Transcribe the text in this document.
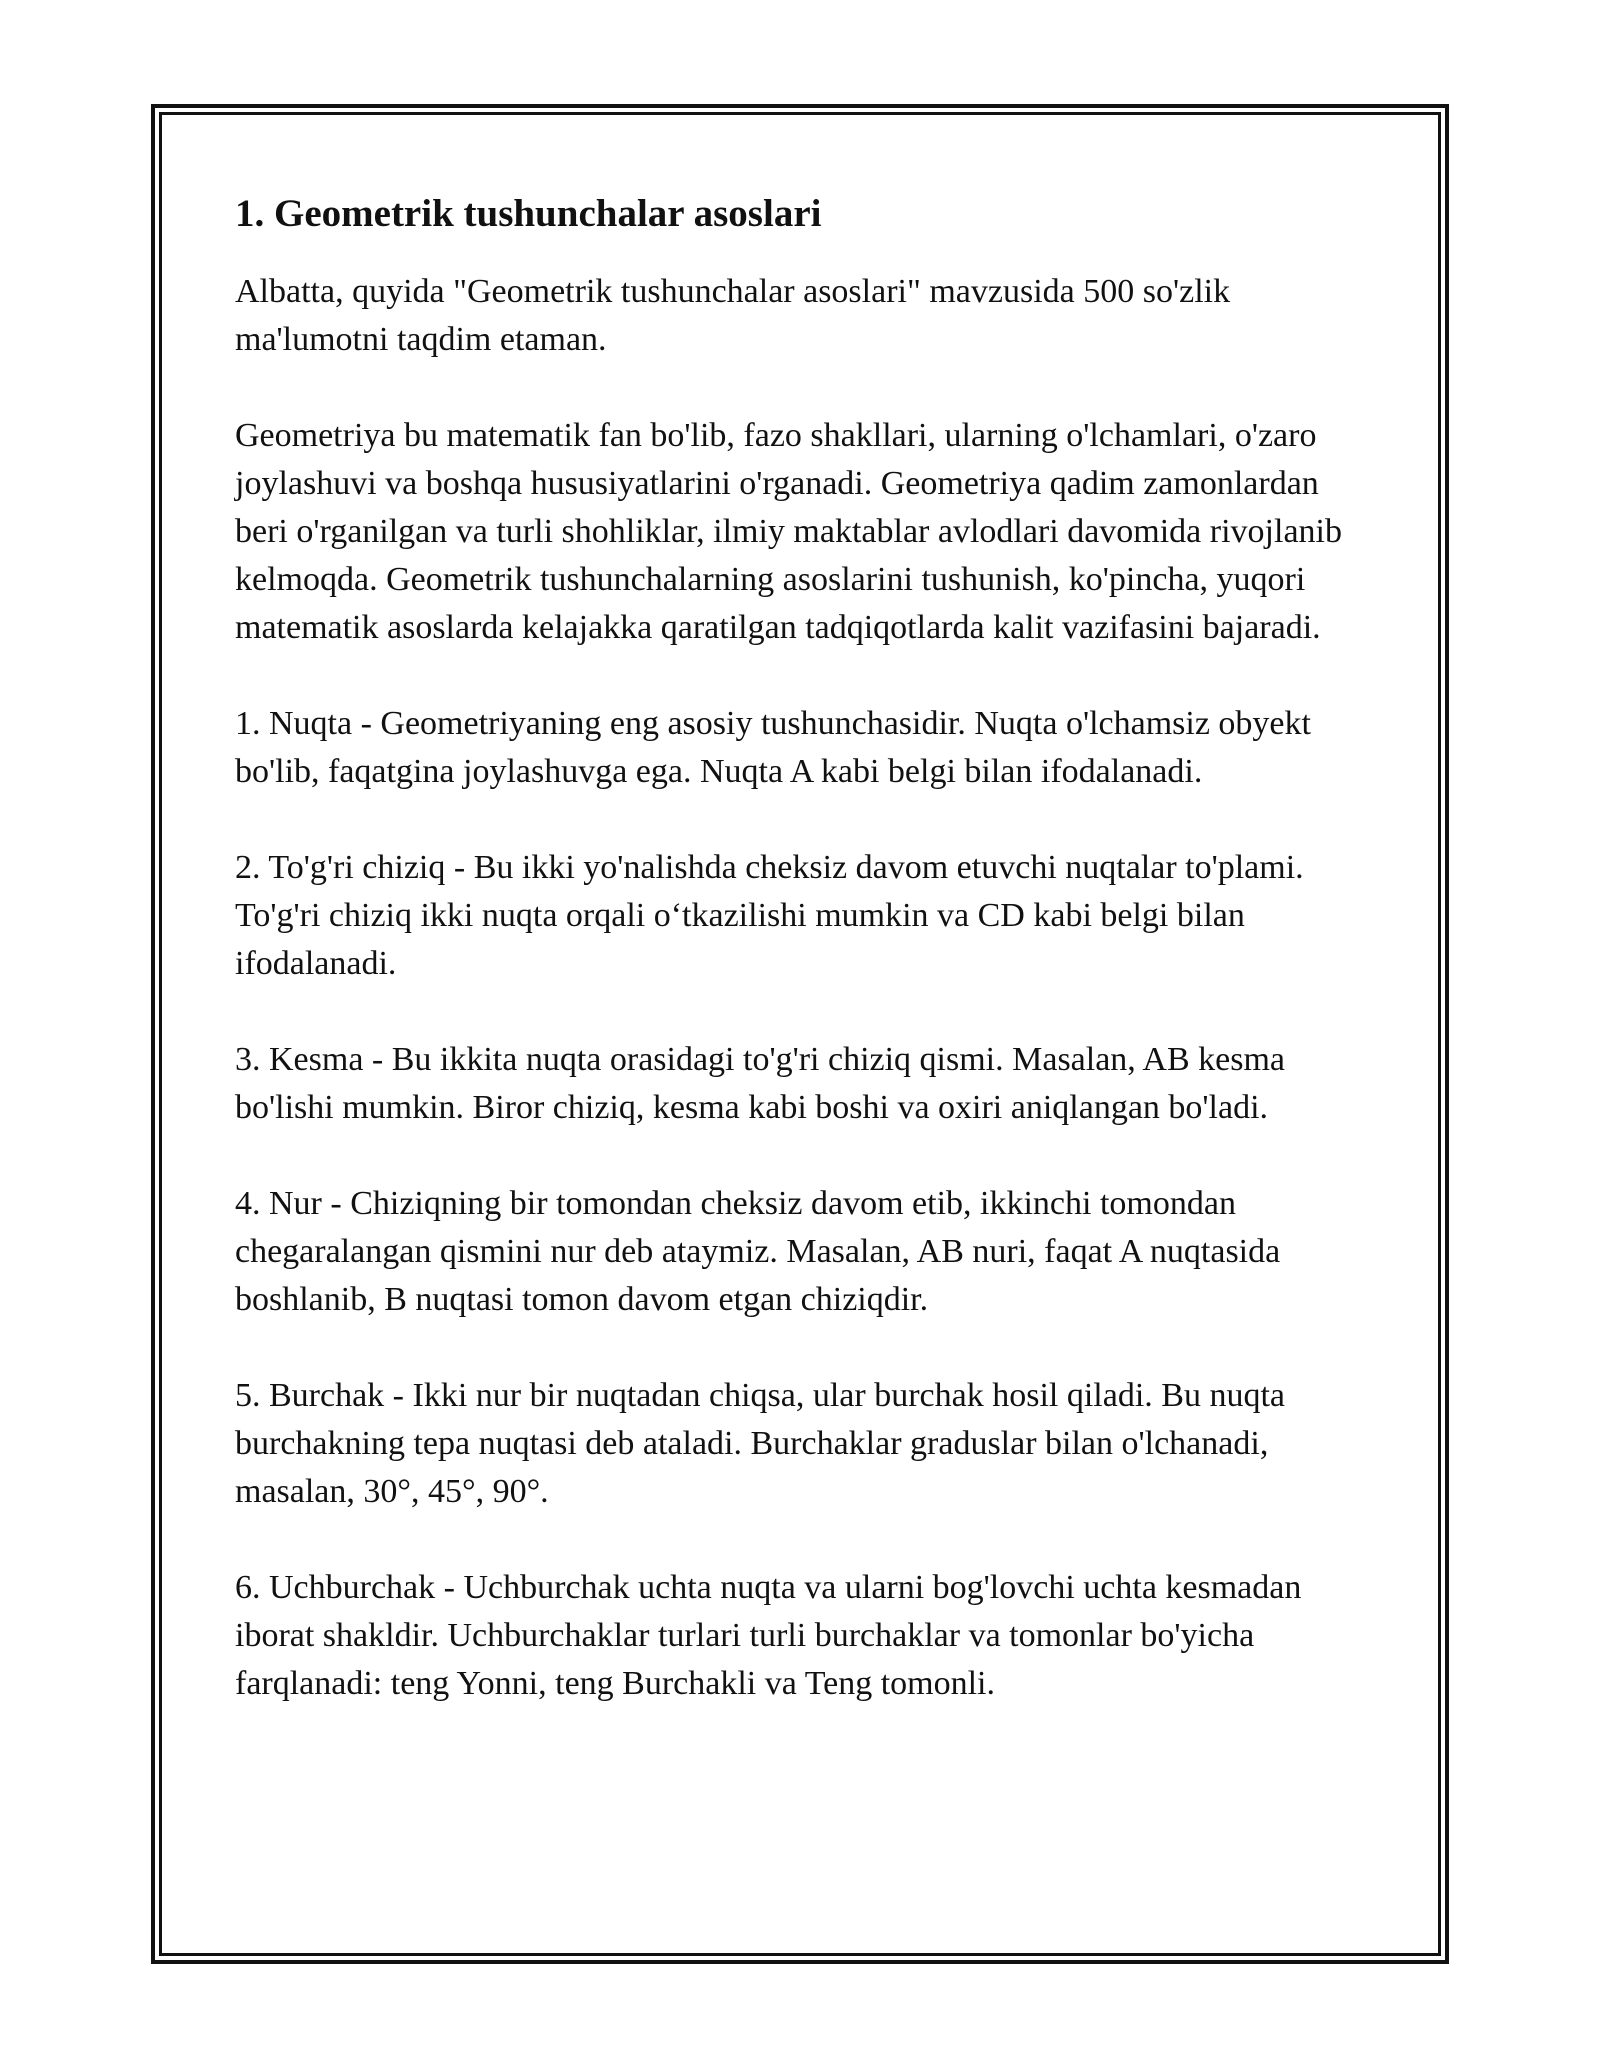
1. Geometrik tushunchalar asoslari

Albatta, quyida "Geometrik tushunchalar asoslari" mavzusida 500 so'zlik ma'lumotni taqdim etaman.

Geometriya bu matematik fan bo'lib, fazo shakllari, ularning o'lchamlari, o'zaro joylashuvi va boshqa hususiyatlarini o'rganadi. Geometriya qadim zamonlardan beri o'rganilgan va turli shohliklar, ilmiy maktablar avlodlari davomida rivojlanib kelmoqda. Geometrik tushunchalarning asoslarini tushunish, ko'pincha, yuqori matematik asoslarda kelajakka qaratilgan tadqiqotlarda kalit vazifasini bajaradi.

1. Nuqta - Geometriyaning eng asosiy tushunchasidir. Nuqta o'lchamsiz obyekt bo'lib, faqatgina joylashuvga ega. Nuqta A kabi belgi bilan ifodalanadi.

2. To'g'ri chiziq - Bu ikki yo'nalishda cheksiz davom etuvchi nuqtalar to'plami. To'g'ri chiziq ikki nuqta orqali oʻtkazilishi mumkin va CD kabi belgi bilan ifodalanadi.

3. Kesma - Bu ikkita nuqta orasidagi to'g'ri chiziq qismi. Masalan, AB kesma bo'lishi mumkin. Biror chiziq, kesma kabi boshi va oxiri aniqlangan bo'ladi.

4. Nur - Chiziqning bir tomondan cheksiz davom etib, ikkinchi tomondan chegaralangan qismini nur deb ataymiz. Masalan, AB nuri, faqat A nuqtasida boshlanib, B nuqtasi tomon davom etgan chiziqdir.

5. Burchak - Ikki nur bir nuqtadan chiqsa, ular burchak hosil qiladi. Bu nuqta burchakning tepa nuqtasi deb ataladi. Burchaklar graduslar bilan o'lchanadi, masalan, 30°, 45°, 90°.

6. Uchburchak - Uchburchak uchta nuqta va ularni bog'lovchi uchta kesmadan iborat shakldir. Uchburchaklar turlari turli burchaklar va tomonlar bo'yicha farqlanadi: teng Yonni, teng Burchakli va Teng tomonli.
